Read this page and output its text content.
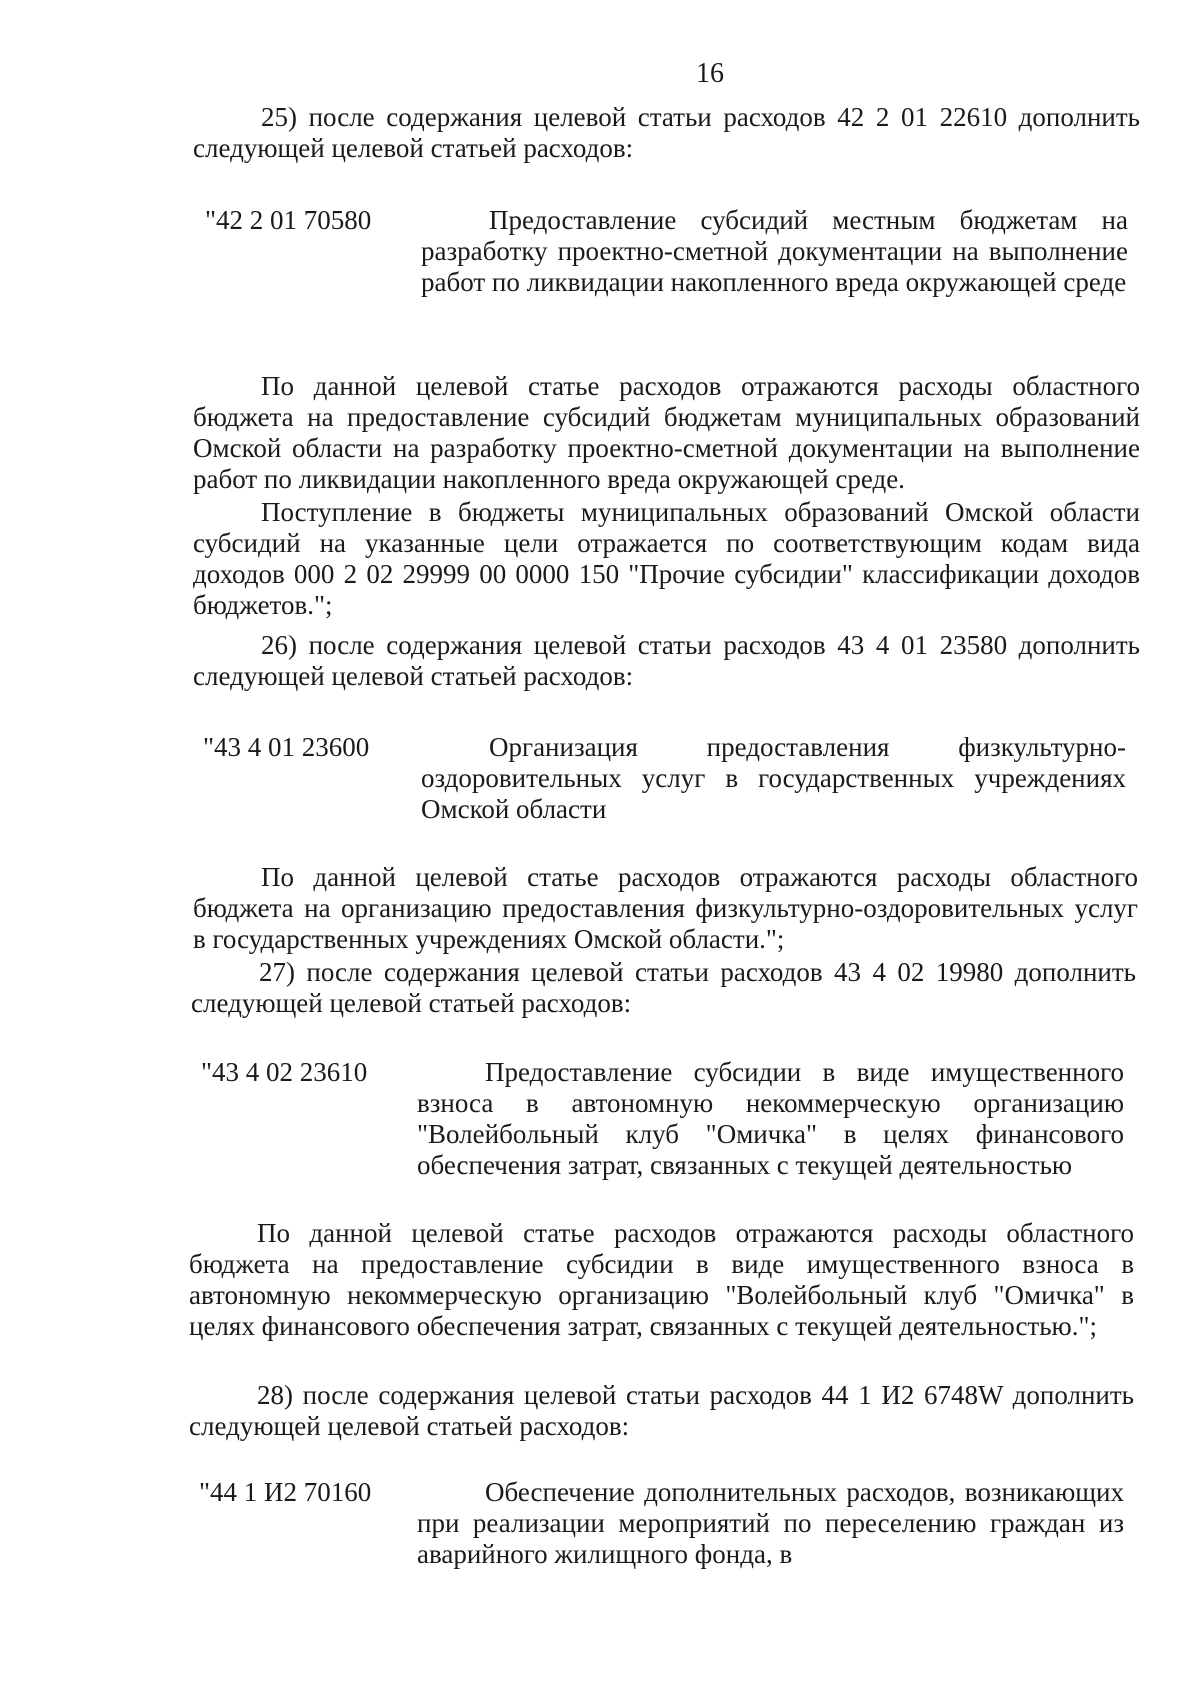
16

25) после содержания целевой статьи расходов 42 2 01 22610 дополнить следующей целевой статьей расходов:

"42 2 01 70580	Предоставление субсидий местным бюджетам на разработку проектно-сметной документации на выполнение работ по ликвидации накопленного вреда окружающей среде

По данной целевой статье расходов отражаются расходы областного бюджета на предоставление субсидий бюджетам муниципальных образований Омской области на разработку проектно-сметной документации на выполнение работ по ликвидации накопленного вреда окружающей среде.

Поступление в бюджеты муниципальных образований Омской области субсидий на указанные цели отражается по соответствующим кодам вида доходов 000 2 02 29999 00 0000 150 "Прочие субсидии" классификации доходов бюджетов.";

26) после содержания целевой статьи расходов 43 4 01 23580 дополнить следующей целевой статьей расходов:

"43 4 01 23600	Организация предоставления физкультурно-оздоровительных услуг в государственных учреждениях Омской области

По данной целевой статье расходов отражаются расходы областного бюджета на организацию предоставления физкультурно-оздоровительных услуг в государственных учреждениях Омской области.";

27) после содержания целевой статьи расходов 43 4 02 19980 дополнить следующей целевой статьей расходов:

"43 4 02 23610	Предоставление субсидии в виде имущественного взноса в автономную некоммерческую организацию "Волейбольный клуб "Омичка" в целях финансового обеспечения затрат, связанных с текущей деятельностью

По данной целевой статье расходов отражаются расходы областного бюджета на предоставление субсидии в виде имущественного взноса в автономную некоммерческую организацию "Волейбольный клуб "Омичка" в целях финансового обеспечения затрат, связанных с текущей деятельностью.";

28) после содержания целевой статьи расходов 44 1 И2 6748W дополнить следующей целевой статьей расходов:

"44 1 И2 70160	Обеспечение дополнительных расходов, возникающих при реализации мероприятий по переселению граждан из аварийного жилищного фонда, в
